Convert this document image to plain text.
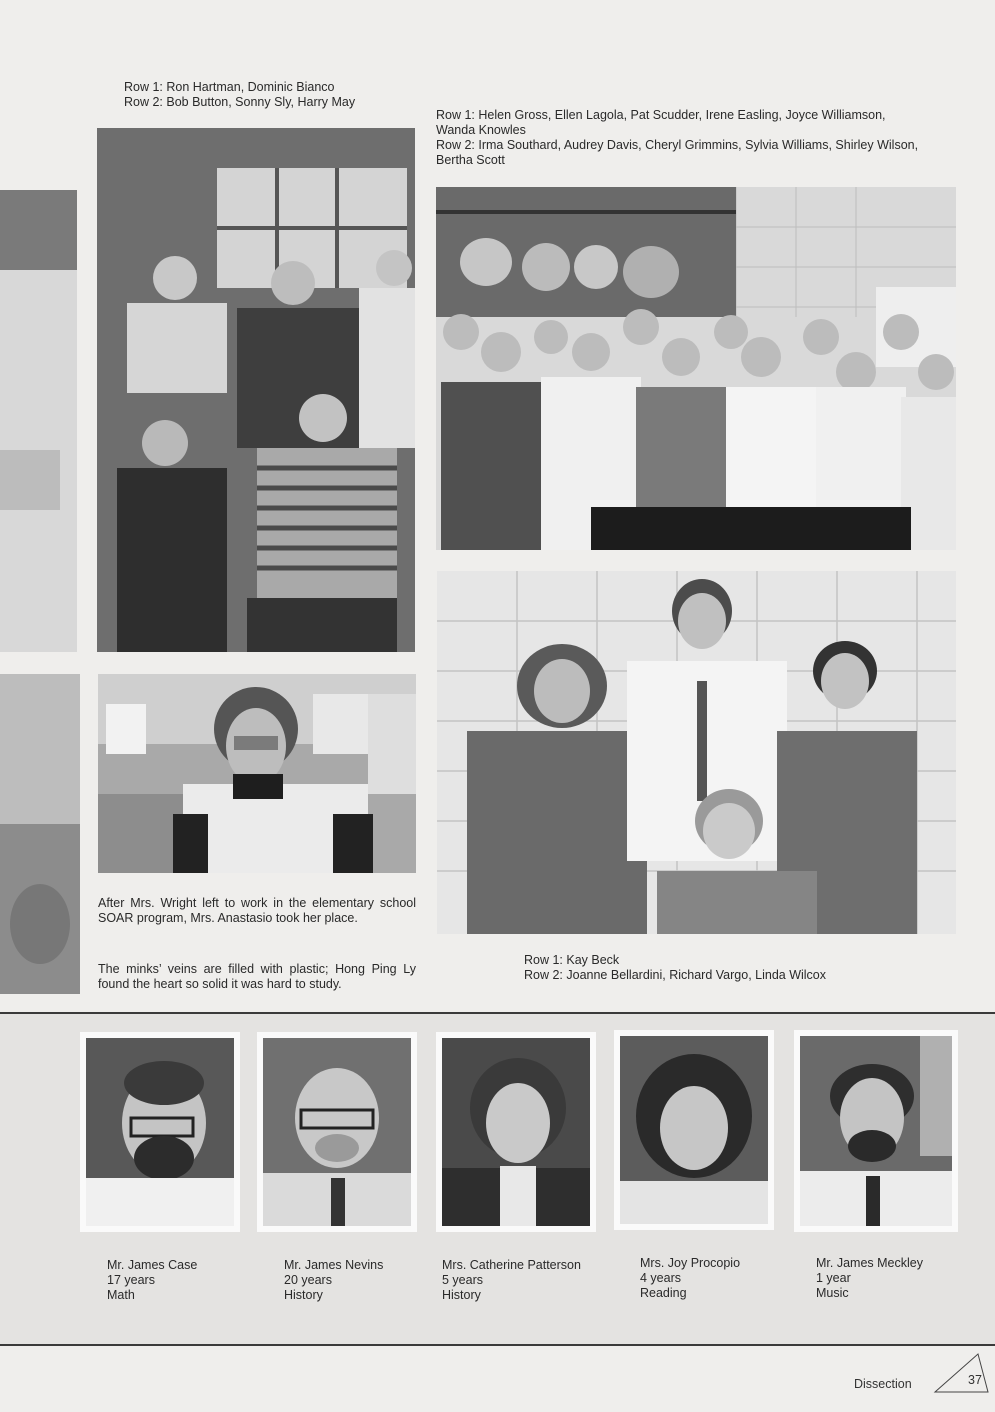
Row 1: Ron Hartman, Dominic Bianco
Row 2: Bob Button, Sonny Sly, Harry May
Row 1: Helen Gross, Ellen Lagola, Pat Scudder, Irene Easling, Joyce Williamson,
Wanda Knowles
Row 2: Irma Southard, Audrey Davis, Cheryl Grimmins, Sylvia Williams, Shirley Wilson,
Bertha Scott
After Mrs. Wright left to work in the elementary school SOAR program, Mrs. Anastasio took her place.
The minks’ veins are filled with plastic; Hong Ping Ly found the heart so solid it was hard to study.
Row 1: Kay Beck
Row 2: Joanne Bellardini, Richard Vargo, Linda Wilcox
Mr. James Case
17 years
Math
Mr. James Nevins
20 years
History
Mrs. Catherine Patterson
5 years
History
Mrs. Joy Procopio
4 years
Reading
Mr. James Meckley
1 year
Music
Dissection	37
